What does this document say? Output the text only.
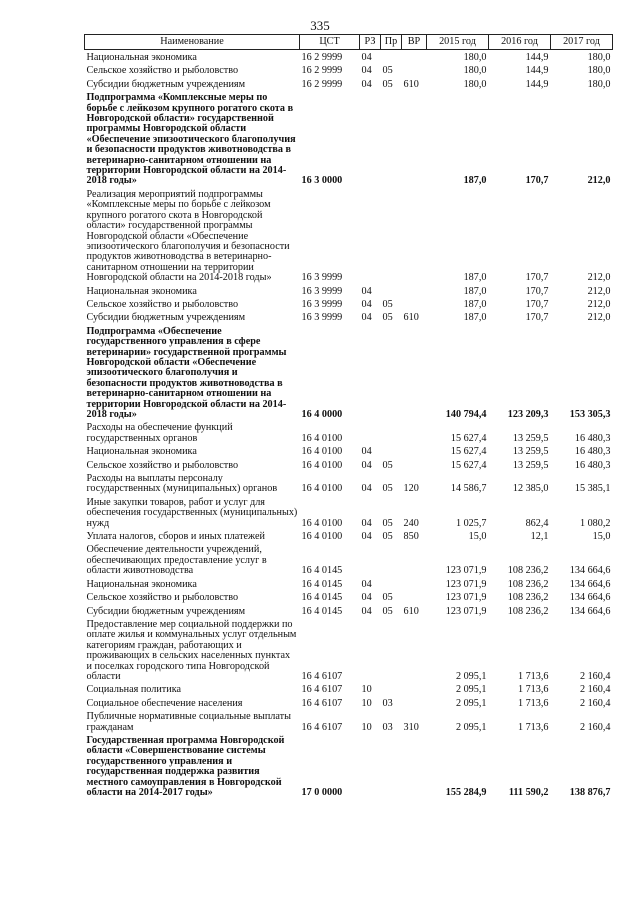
335
Наименование	ЦСТ	РЗ	Пр	ВР	2015 год	2016 год	2017 год
Национальная экономика	16 2 9999	04			180,0	144,9	180,0
Сельское хозяйство и рыболовство	16 2 9999	04	05		180,0	144,9	180,0
Субсидии бюджетным учреждениям	16 2 9999	04	05	610	180,0	144,9	180,0
Подпрограмма «Комплексные меры по борьбе с лейкозом крупного рогатого скота в Новгородской области» государственной программы Новгородской области «Обеспечение эпизоотического благополучия и безопасности продуктов животноводства в ветеринарно-санитарном отношении на территории Новгородской области на 2014-2018 годы»	16 3 0000				187,0	170,7	212,0
Реализация мероприятий подпрограммы «Комплексные меры по борьбе с лейкозом крупного рогатого скота в Новгородской области» государственной программы Новгородской области «Обеспечение эпизоотического благополучия и безопасности продуктов животноводства в ветеринарно-санитарном отношении на территории Новгородской области на 2014-2018 годы»	16 3 9999				187,0	170,7	212,0
Национальная экономика	16 3 9999	04			187,0	170,7	212,0
Сельское хозяйство и рыболовство	16 3 9999	04	05		187,0	170,7	212,0
Субсидии бюджетным учреждениям	16 3 9999	04	05	610	187,0	170,7	212,0
Подпрограмма «Обеспечение государственного управления в сфере ветеринарии» государственной программы Новгородской области «Обеспечение эпизоотического благополучия и безопасности продуктов животноводства в ветеринарно-санитарном отношении на территории Новгородской области на 2014-2018 годы»	16 4 0000				140 794,4	123 209,3	153 305,3
Расходы на обеспечение функций государственных органов	16 4 0100				15 627,4	13 259,5	16 480,3
Национальная экономика	16 4 0100	04			15 627,4	13 259,5	16 480,3
Сельское хозяйство и рыболовство	16 4 0100	04	05		15 627,4	13 259,5	16 480,3
Расходы на выплаты персоналу государственных (муниципальных) органов	16 4 0100	04	05	120	14 586,7	12 385,0	15 385,1
Иные закупки товаров, работ и услуг для обеспечения государственных (муниципальных) нужд	16 4 0100	04	05	240	1 025,7	862,4	1 080,2
Уплата налогов, сборов и иных платежей	16 4 0100	04	05	850	15,0	12,1	15,0
Обеспечение деятельности учреждений, обеспечивающих предоставление услуг в области животноводства	16 4 0145				123 071,9	108 236,2	134 664,6
Национальная экономика	16 4 0145	04			123 071,9	108 236,2	134 664,6
Сельское хозяйство и рыболовство	16 4 0145	04	05		123 071,9	108 236,2	134 664,6
Субсидии бюджетным учреждениям	16 4 0145	04	05	610	123 071,9	108 236,2	134 664,6
Предоставление мер социальной поддержки по оплате жилья и коммунальных услуг отдельным категориям граждан, работающих и проживающих в сельских населенных пунктах и поселках городского типа Новгородской области	16 4 6107				2 095,1	1 713,6	2 160,4
Социальная политика	16 4 6107	10			2 095,1	1 713,6	2 160,4
Социальное обеспечение населения	16 4 6107	10	03		2 095,1	1 713,6	2 160,4
Публичные нормативные социальные выплаты гражданам	16 4 6107	10	03	310	2 095,1	1 713,6	2 160,4
Государственная программа Новгородской области «Совершенствование системы государственного управления и государственная поддержка развития местного самоуправления в Новгородской области на 2014-2017 годы»	17 0 0000				155 284,9	111 590,2	138 876,7
